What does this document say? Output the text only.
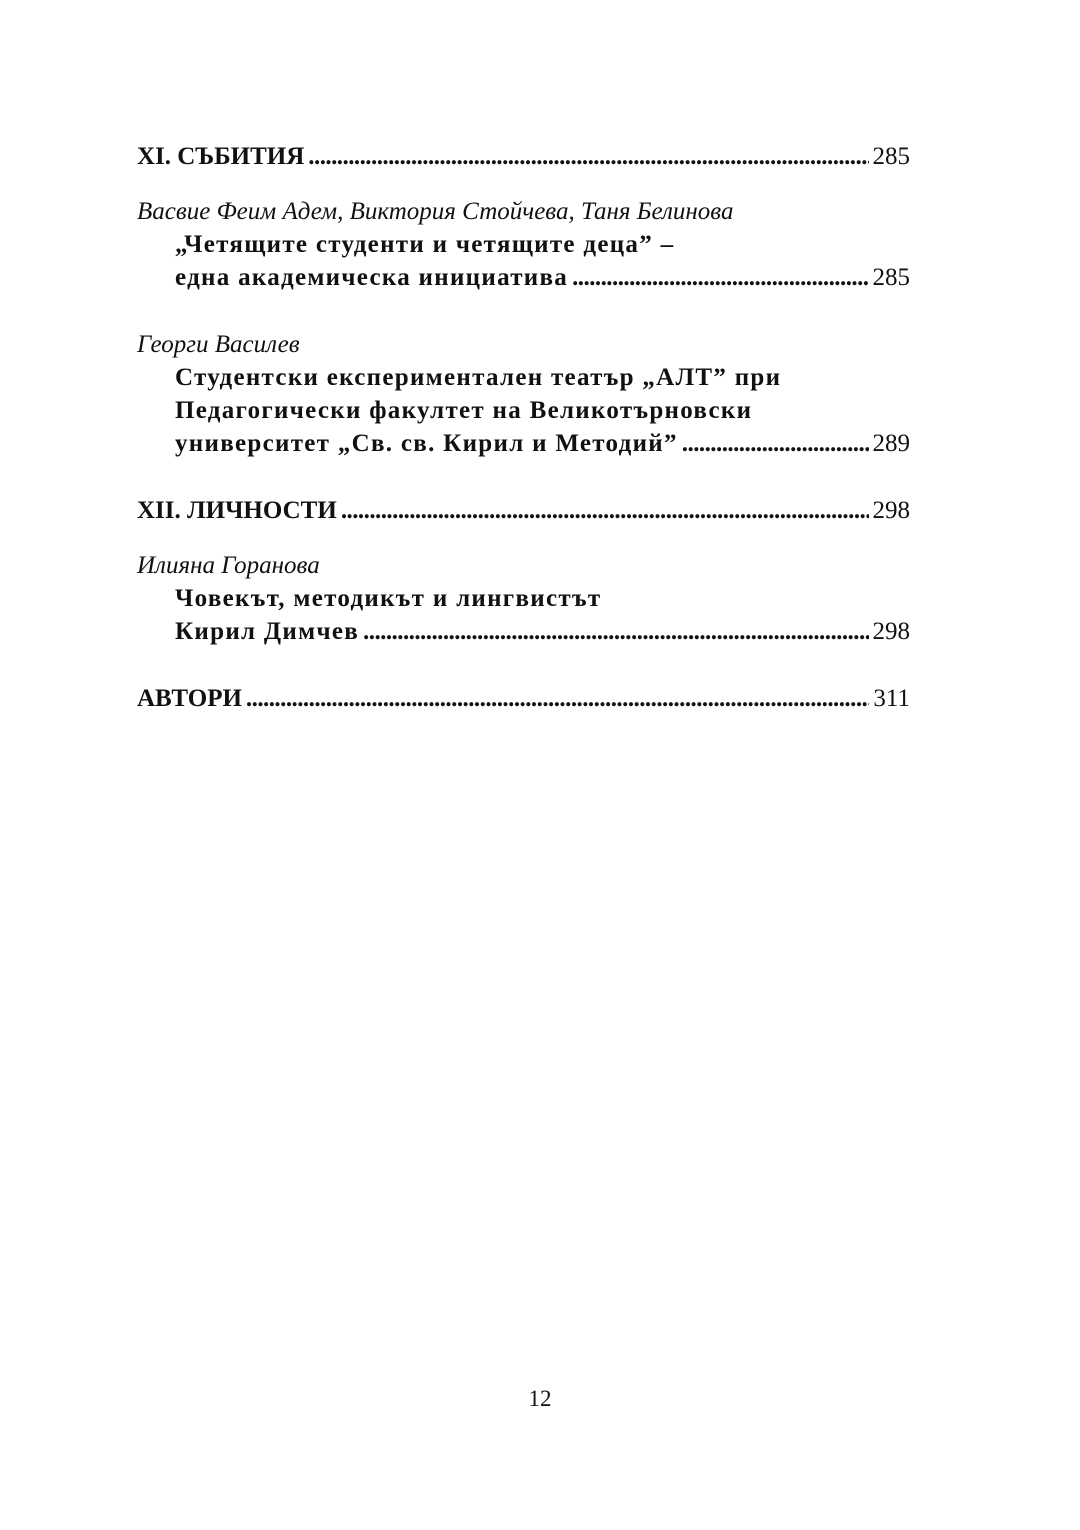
XI. СЪБИТИЯ . . .	285
Васвие Феим Адем, Виктория Стойчева, Таня Белинова
„Четящите студенти и четящите деца” –
една академическа инициатива . . .	285
Георги Василев
Студентски експериментален театър „АЛТ” при
Педагогически факултет на Великотърновски
университет „Св. св. Кирил и Методий” . . .	289
XII. ЛИЧНОСТИ . . .	298
Илияна Горанова
Човекът, методикът и лингвистът
Кирил Димчев . . .	298
АВТОРИ . . .	311
12
